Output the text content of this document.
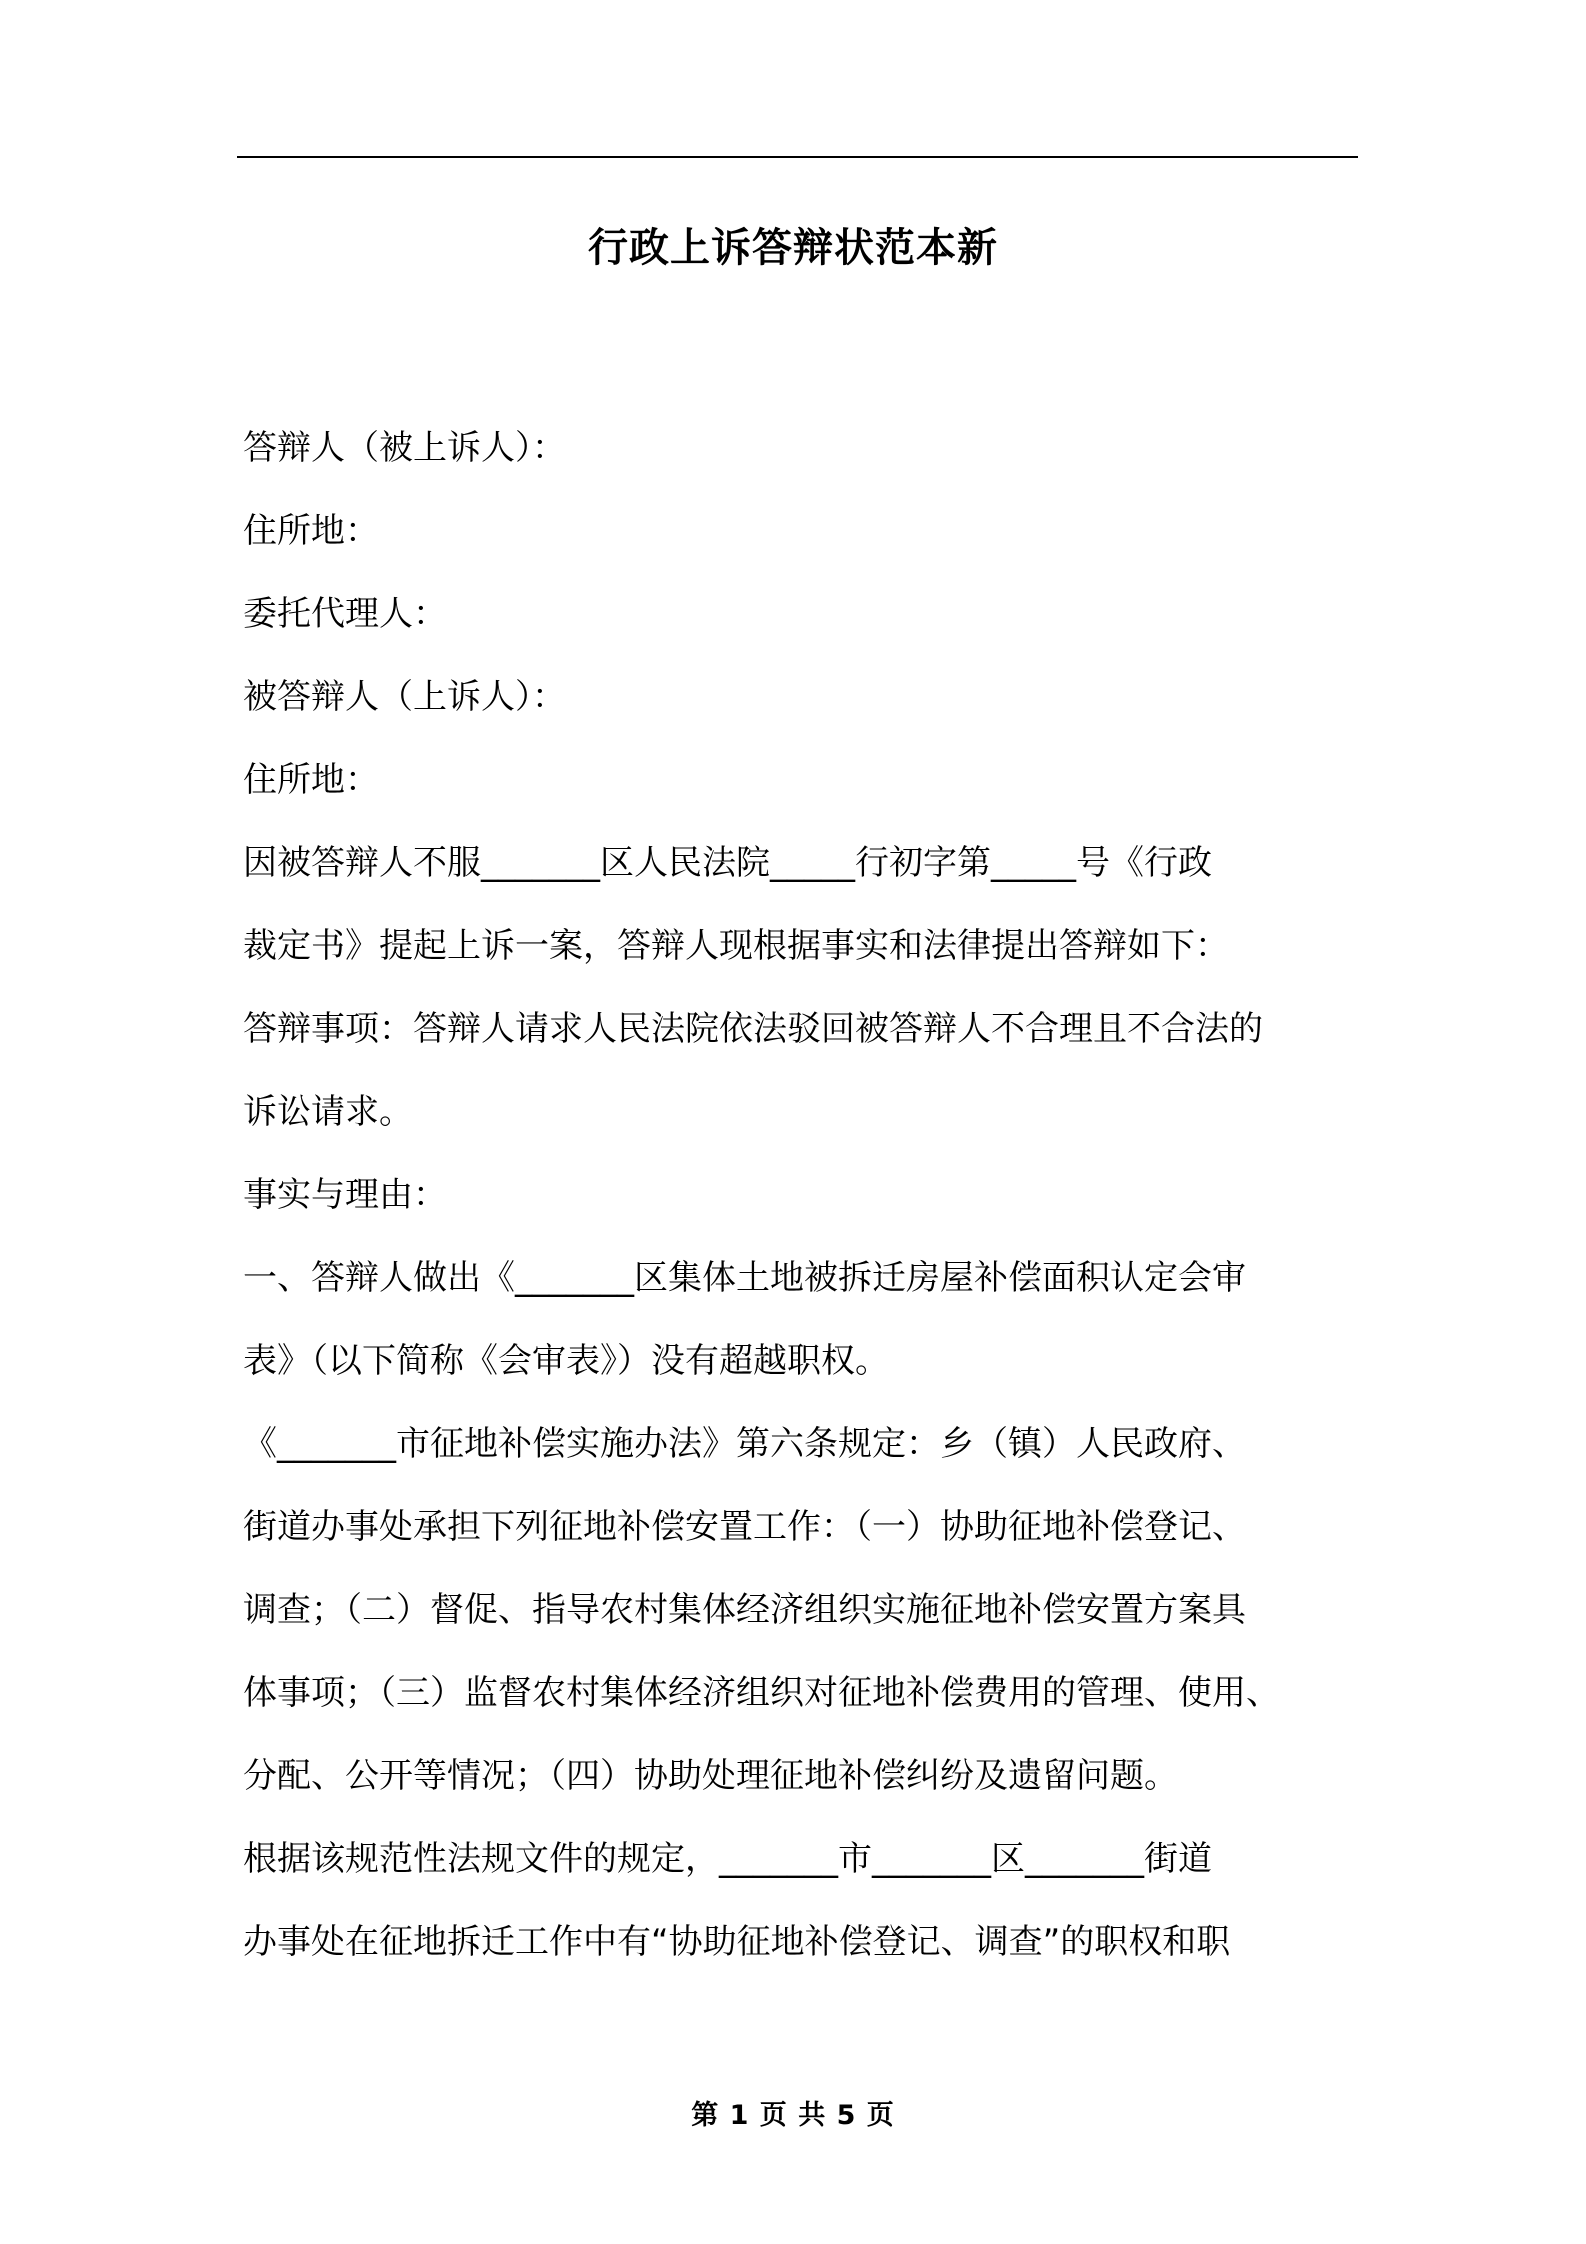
行政上诉答辩状范本新
答辩人（被上诉人）：
住所地：
委托代理人：
被答辩人（上诉人）：
住所地：
因被答辩人不服_______区人民法院_____行初字第_____号《行政
裁定书》提起上诉一案，答辩人现根据事实和法律提出答辩如下：
答辩事项：答辩人请求人民法院依法驳回被答辩人不合理且不合法的
诉讼请求。
事实与理由：
一、答辩人做出《_______区集体土地被拆迁房屋补偿面积认定会审
表》（以下简称《会审表》）没有超越职权。
《_______市征地补偿实施办法》第六条规定：乡（镇）人民政府、
街道办事处承担下列征地补偿安置工作：（一）协助征地补偿登记、
调查；（二）督促、指导农村集体经济组织实施征地补偿安置方案具
体事项；（三）监督农村集体经济组织对征地补偿费用的管理、使用、
分配、公开等情况；（四）协助处理征地补偿纠纷及遗留问题。
根据该规范性法规文件的规定，_______市_______区_______街道
办事处在征地拆迁工作中有“协助征地补偿登记、调查”的职权和职
第 1 页 共 5 页
